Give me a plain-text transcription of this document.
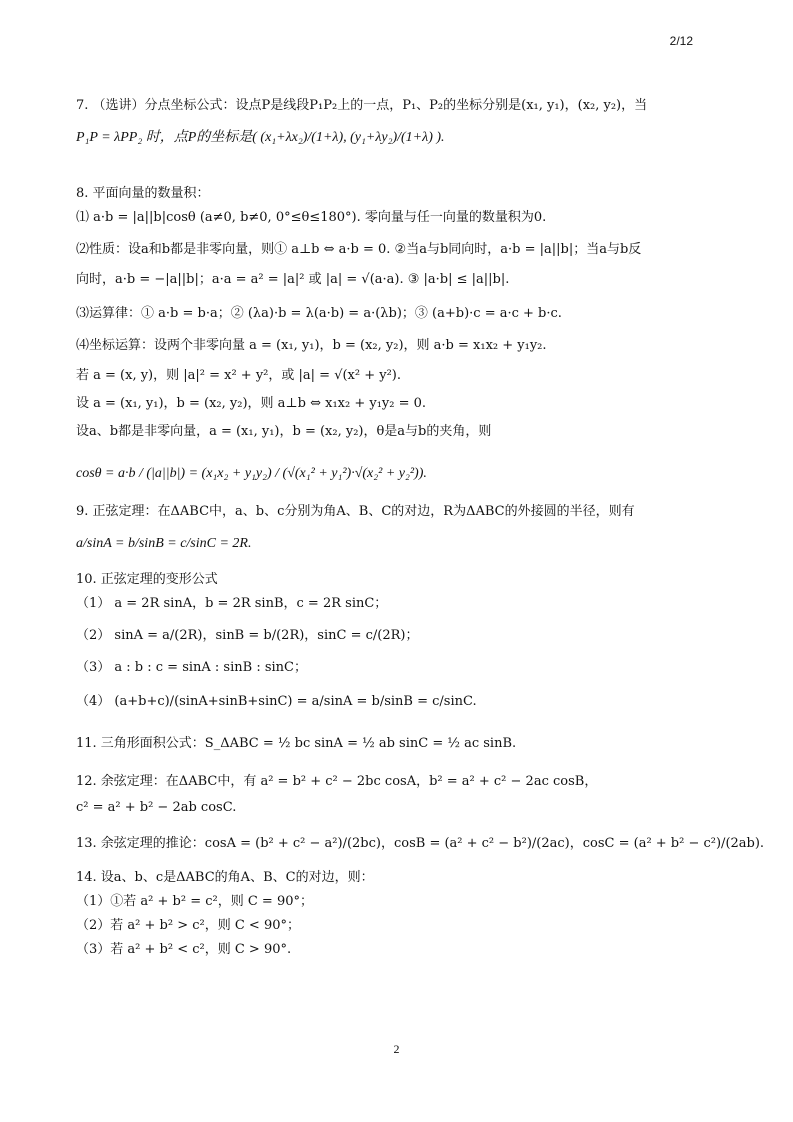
2/12
7. （选讲）分点坐标公式：设点P是线段P₁P₂上的一点，P₁、P₂的坐标分别是(x₁, y₁)，(x₂, y₂)，当
P₁P = λPP₂ 时，点P的坐标是( (x₁+λx₂)/(1+λ), (y₁+λy₂)/(1+λ) ).
8. 平面向量的数量积：
⑴ a·b = |a||b|cosθ (a≠0, b≠0, 0°≤θ≤180°). 零向量与任一向量的数量积为0.
⑵性质：设a和b都是非零向量，则① a⊥b ⇔ a·b = 0. ②当a与b同向时，a·b = |a||b|；当a与b反
向时，a·b = −|a||b|；a·a = a² = |a|² 或 |a| = √(a·a). ③ |a·b| ≤ |a||b|.
⑶运算律：① a·b = b·a；② (λa)·b = λ(a·b) = a·(λb)；③ (a+b)·c = a·c + b·c.
⑷坐标运算：设两个非零向量 a = (x₁, y₁)，b = (x₂, y₂)，则 a·b = x₁x₂ + y₁y₂.
若 a = (x, y)，则 |a|² = x² + y²，或 |a| = √(x² + y²).
设 a = (x₁, y₁)，b = (x₂, y₂)，则 a⊥b ⇔ x₁x₂ + y₁y₂ = 0.
设a、b都是非零向量，a = (x₁, y₁)，b = (x₂, y₂)，θ是a与b的夹角，则
cosθ = a·b / (|a||b|) = (x₁x₂ + y₁y₂) / (√(x₁² + y₁²)·√(x₂² + y₂²)).
9. 正弦定理：在ΔABC中，a、b、c分别为角A、B、C的对边，R为ΔABC的外接圆的半径，则有
a/sinA = b/sinB = c/sinC = 2R.
10. 正弦定理的变形公式
（1） a = 2R sinA，b = 2R sinB，c = 2R sinC；
（2） sinA = a/(2R)，sinB = b/(2R)，sinC = c/(2R)；
（3） a : b : c = sinA : sinB : sinC；
（4） (a+b+c)/(sinA+sinB+sinC) = a/sinA = b/sinB = c/sinC.
11. 三角形面积公式：S_ΔABC = ½ bc sinA = ½ ab sinC = ½ ac sinB.
12. 余弦定理：在ΔABC中，有 a² = b² + c² − 2bc cosA，b² = a² + c² − 2ac cosB，
c² = a² + b² − 2ab cosC.
13. 余弦定理的推论：cosA = (b² + c² − a²)/(2bc)，cosB = (a² + c² − b²)/(2ac)，cosC = (a² + b² − c²)/(2ab).
14. 设a、b、c是ΔABC的角A、B、C的对边，则：
（1）①若 a² + b² = c²，则 C = 90°；
（2）若 a² + b² > c²，则 C < 90°；
（3）若 a² + b² < c²，则 C > 90°.
2
